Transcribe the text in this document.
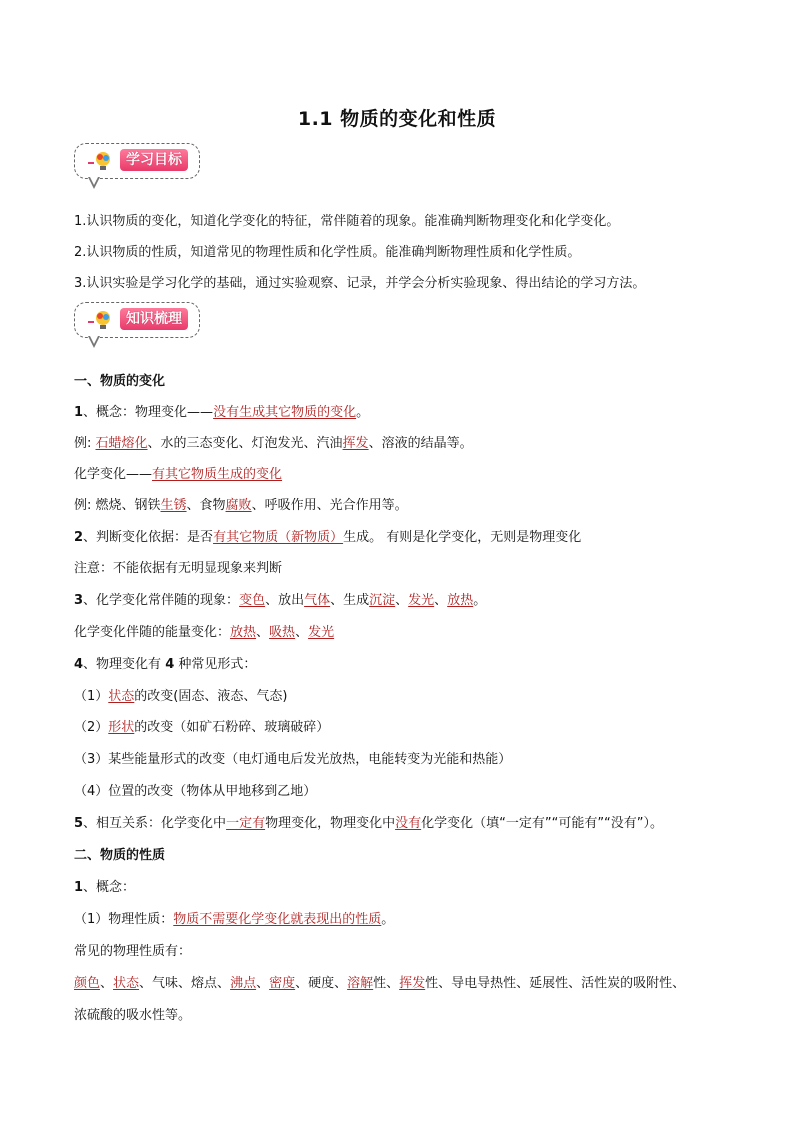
1.1 物质的变化和性质
学习目标
1.认识物质的变化，知道化学变化的特征，常伴随着的现象。能准确判断物理变化和化学变化。
2.认识物质的性质，知道常见的物理性质和化学性质。能准确判断物理性质和化学性质。
3.认识实验是学习化学的基础，通过实验观察、记录，并学会分析实验现象、得出结论的学习方法。
知识梳理
一、物质的变化
1、概念：物理变化——没有生成其它物质的变化。
例: 石蜡熔化、水的三态变化、灯泡发光、汽油挥发、溶液的结晶等。
化学变化——有其它物质生成的变化
例: 燃烧、钢铁生锈、食物腐败、呼吸作用、光合作用等。
2、判断变化依据：是否有其它物质（新物质）生成。 有则是化学变化，无则是物理变化
注意：不能依据有无明显现象来判断
3、化学变化常伴随的现象：变色、放出气体、生成沉淀、发光、放热。
化学变化伴随的能量变化：放热、吸热、发光
4、物理变化有 4 种常见形式：
（1）状态的改变(固态、液态、气态)
（2）形状的改变（如矿石粉碎、玻璃破碎）
（3）某些能量形式的改变（电灯通电后发光放热，电能转变为光能和热能）
（4）位置的改变（物体从甲地移到乙地）
5、相互关系：化学变化中一定有物理变化，物理变化中没有化学变化（填“一定有”“可能有”“没有”）。
二、物质的性质
1、概念：
（1）物理性质：物质不需要化学变化就表现出的性质。
常见的物理性质有：
颜色、状态、气味、熔点、沸点、密度、硬度、溶解性、挥发性、导电导热性、延展性、活性炭的吸附性、
浓硫酸的吸水性等。
